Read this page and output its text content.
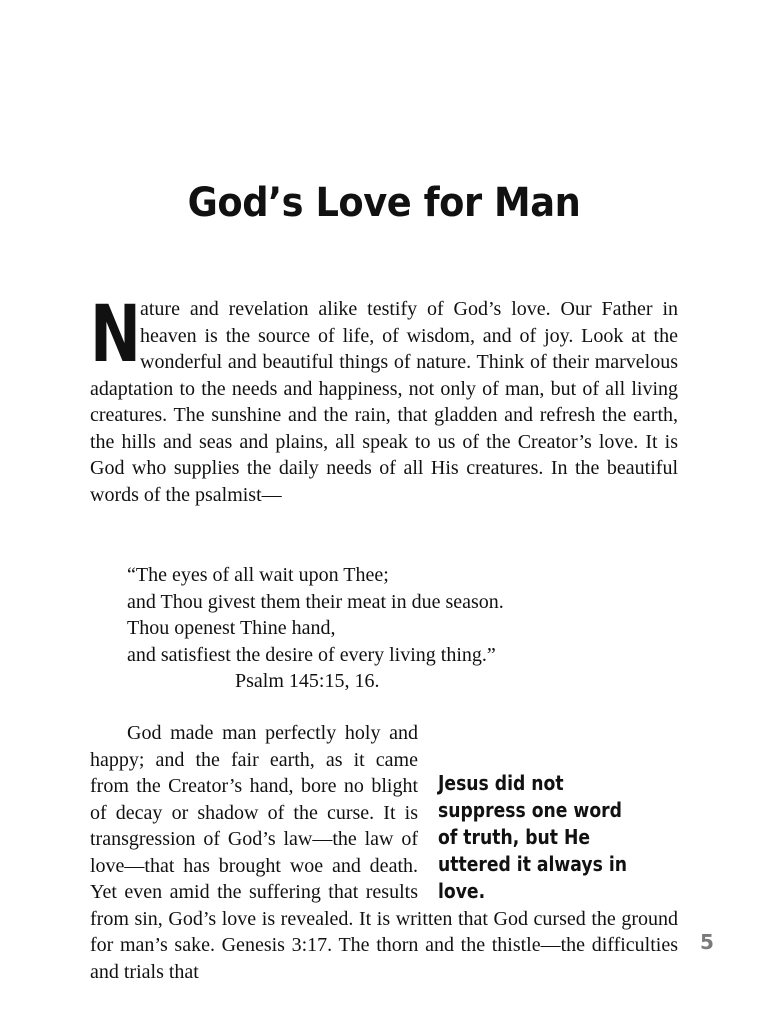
God’s Love for Man

Nature and revelation alike testify of God’s love. Our Father in heaven is the source of life, of wisdom, and of joy. Look at the wonderful and beautiful things of nature. Think of their marvelous adaptation to the needs and happiness, not only of man, but of all living creatures. The sunshine and the rain, that gladden and refresh the earth, the hills and seas and plains, all speak to us of the Creator’s love. It is God who supplies the daily needs of all His creatures. In the beautiful words of the psalmist—

“The eyes of all wait upon Thee;
and Thou givest them their meat in due season.
Thou openest Thine hand,
and satisfiest the desire of every living thing.”
Psalm 145:15, 16.

Jesus did not suppress one word of truth, but He uttered it always in love.
God made man perfectly holy and happy; and the fair earth, as it came from the Creator’s hand, bore no blight of decay or shadow of the curse. It is transgression of God’s law—the law of love—that has brought woe and death. Yet even amid the suffering that results from sin, God’s love is revealed. It is written that God cursed the ground for man’s sake. Genesis 3:17. The thorn and the thistle—the difficulties and trials that

5
